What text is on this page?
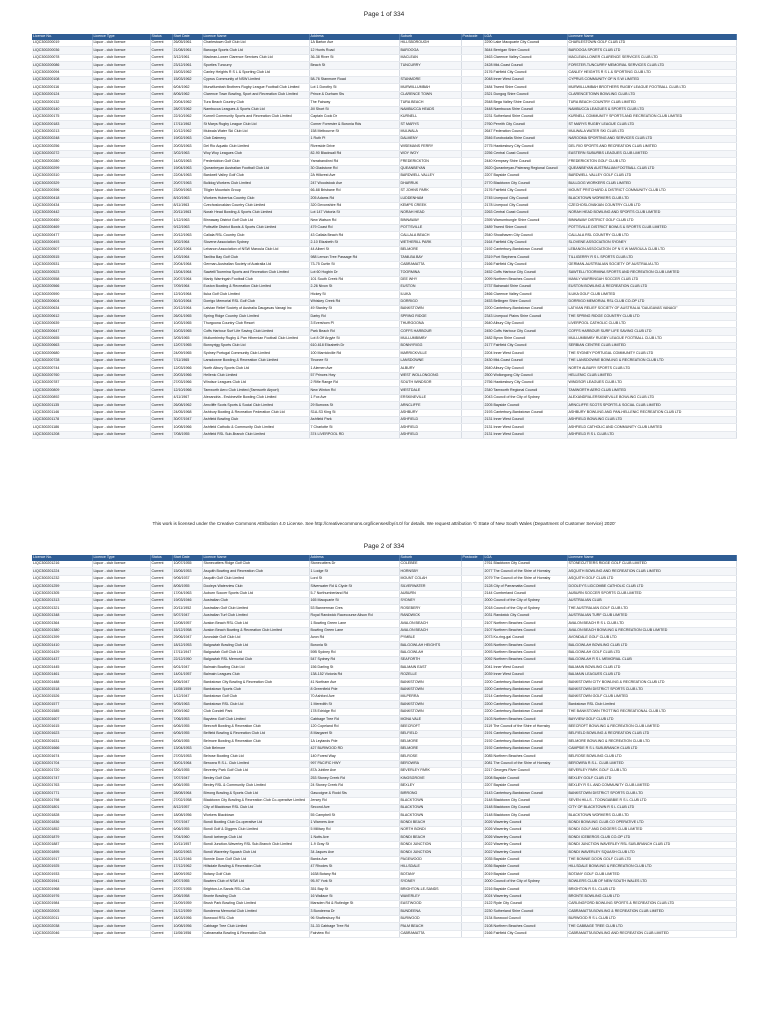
Page 1 of 334
Licence No.	Licence Type	Status	Start Date	Licence Name	Address	Suburb	Postcode	LGA	Licensee Name
LIQC300200019	Liquor - club licence	Current	26/05/1961	Charlestown Golf Club Ltd	1A Barton Ave	HILLSBOROUGH		2290 Lake Macquarie City Council	CHARLESTOWN GOLF CLUB LTD
LIQC300200036	Liquor - club licence	Current	21/08/1961	Barooga Sports Club Ltd	12 Hunts Road	BAROOGA		3644 Berrigan Shire Council	BAROOGA SPORTS CLUB LTD
LIQC300200078	Liquor - club licence	Current	3/12/1961	Maclean-Lower Clarence Services Club Ltd	36-38 River St	MACLEAN		2463 Clarence Valley Council	MACLEAN-LOWER CLARENCE SERVICES CLUB LTD
LIQC300200086	Liquor - club licence	Current	23/12/1961	Sporties Tuncurry	Beach St	TUNCURRY		2428 Mid-Coast Council	FORSTER-TUNCURRY MEMORIAL SERVICES CLUB LTD
LIQC300200094	Liquor - club licence	Current	15/03/1962	Canley Heights R S L & Sporting Club Ltd				2176 Fairfield City Council	CANLEY HEIGHTS R S L & SPORTING CLUB LTD
LIQC300200108	Liquor - club licence	Current	15/03/1962	Cyprus Community of NSW Limited	58-76 Stanmore Road	STANMORE		2048 Inner West Council	CYPRUS COMMUNITY OF N S W LIMITED
LIQC300200116	Liquor - club licence	Current	6/04/1962	Murwillumbah Brothers Rugby League Football Club Limited	Lot 1 Dorothy St	MURWILLUMBAH		2484 Tweed Shire Council	MURWILLUMBAH BROTHERS RUGBY LEAGUE FOOTBALL CLUB LTD
LIQC300200124	Liquor - club licence	Current	8/06/1962	Clarence Town Bowling, Sport and Recreation Club Limited	Prince & Durham Sts	CLARENCE TOWN		2321 Dungog Shire Council	CLARENCETOWN BOWLING CLUB LTD
LIQC300200132	Liquor - club licence	Current	20/04/1962	Tura Beach Country Club	The Fairway	TURA BEACH		2548 Bega Valley Shire Council	TURA BEACH COUNTRY CLUB LIMITED
LIQC300200140	Liquor - club licence	Current	28/07/1962	Nambucca Leagues & Sports Club Ltd	Jill Short St	NAMBUCCA HEADS		2448 Nambucca Shire Council	NAMBUCCA LEAGUES & SPORTS CLUB LTD
LIQC300200175	Liquor - club licence	Current	22/10/1962	Kurnell Community Sports and Recreation Club Limited	Captain Cook Dr	KURNELL		2231 Sutherland Shire Council	KURNELL COMMUNITY SPORTS AND RECREATION CLUB LIMITED
LIQC300200183	Liquor - club licence	Current	17/11/1962	St Marys Rugby League Club Ltd	Corner Forrester & Boronia Rds	ST MARYS		2760 Penrith City Council	ST MARYS RUGBY LEAGUE CLUB LTD
LIQC300200213	Liquor - club licence	Current	10/12/1962	Mulwala Water Ski Club Ltd	158 Melbourne St	MULWALA		2647 Federation Council	MULWALA WATER SKI CLUB LTD
LIQC300200248	Liquor - club licence	Current	19/02/1963	Club Dalmeny	1 Ruth Pl	DALMENY		2546 Eurobodalla Shire Council	NAROOMA SPORTING AND SERVICES CLUB LTD
LIQC300200256	Liquor - club licence	Current	20/03/1963	Del Rio Aquatic Club Limited	Riverside Drive	WISEMANS FERRY		2775 Hawkesbury City Council	DEL RIO SPORTS AND RECREATION CLUB LIMITED
LIQC300200272	Liquor - club licence	Current	3/02/1963	Woy Woy Leagues Club	82-90 Blackwall Rd	WOY WOY		2256 Central Coast Council	EASTERN SUBURBS LEAGUES CLUB LIMITED
LIQC300200280	Liquor - club licence	Current	14/03/1963	Frederickton Golf Club	Yarrabandinni Rd	FREDERICKTON		2440 Kempsey Shire Council	FREDERICKTON GOLF CLUB LTD
LIQC300200299	Liquor - club licence	Current	19/04/1963	Queanbeyan Australian Football Club Ltd	30 Gladstone Rd	QUEANBEYAN		2620 Queanbeyan-Palerang Regional Council	QUEANBEYAN AUSTRALIAN FOOTBALL CLUB LTD
LIQC300200310	Liquor - club licence	Current	22/04/1963	Bardwell Valley Golf Club	2A Hillcrest Ave	BARDWELL VALLEY		2207 Bayside Council	BARDWELL VALLEY GOLF CLUB LTD
LIQC300200329	Liquor - club licence	Current	20/07/1963	Bulldog Workers Club Limited	247 Woodstock Ave	DHARRUK		2770 Blacktown City Council	BULLDOG WORKERS CLUB LIMITED
LIQC300200396	Liquor - club licence	Current	23/09/1963	Tiligler Mountain Group	66-68 Brisbane Rd	ST JOHNS PARK		2176 Fairfield City Council	MOUNT PRITCHARD & DISTRICT COMMUNITY CLUB LTD
LIQC300200418	Liquor - club licence	Current	8/10/1963	Workers Hubertus Country Club	205 Adams Rd	LUDDENHAM		2745 Liverpool City Council	BLACKTOWN WORKERS CLUB LTD
LIQC300200434	Liquor - club licence	Current	8/11/1963	Czechoslovakian Country Club Limited	320 Devonshire Rd	KEMPS CREEK		2178 Liverpool City Council	CZECHOSLOVAKIAN COUNTRY CLUB LTD
LIQC300200442	Liquor - club licence	Current	20/11/1963	Norah Head Bowling & Sports Club Limited	Lot 147 Victoria St	NORAH HEAD		2263 Central Coast Council	NORAH HEAD BOWLING AND SPORTS CLUB LIMITED
LIQC300200450	Liquor - club licence	Current	1/12/1963	Binnaway District Golf Club Ltd	New Watson Rd	BINNAWAY		2395 Warrumbungle Shire Council	BINNAWAY DISTRICT GOLF CLUB LTD
LIQC300200469	Liquor - club licence	Current	9/12/1963	Pottsville District Bowls & Sports Club Limited	479 Coast Rd	POTTSVILLE		2489 Tweed Shire Council	POTTSVILLE DISTRICT BOWLS & SPORTS CLUB LIMITED
LIQC300200477	Liquor - club licence	Current	20/12/1963	Callala RSL Country Club	43 Callala Beach Rd	CALLALA BEACH		2540 Shoalhaven City Council	CALLALA RSL COUNTRY CLUB LTD
LIQC300200493	Liquor - club licence	Current	3/02/1964	Slovene Association Sydney	2-10 Elizabeth St	WETHERILL PARK		2164 Fairfield City Council	SLOVENE ASSOCIATION SYDNEY
LIQC300200507	Liquor - club licence	Current	10/02/1964	Lebanon Association of NSW Maroula Club Ltd	44 Albert St	BELMORE		2192 Canterbury-Bankstown Council	LEBANON ASSOCIATION OF N S W MAROULA CLUB LTD
LIQC300200515	Liquor - club licence	Current	1/03/1964	Tanilba Bay Golf Club	988 Lemon Tree Passage Rd	TANILBA BAY		2319 Port Stephens Council	TILLIGERRY R S L SPORTS CLUB LTD
LIQC300200531	Liquor - club licence	Current	20/04/1964	German-Australian Society of Australia Ltd	73-75 Curtin St	CABRAMATTA		2166 Fairfield City Council	GERMAN-AUSTRALIAN SOCIETY OF AUSTRALIA LTD
LIQC300200523	Liquor - club licence	Current	13/04/1964	Sawtell/Toormina Sports and Recreation Club Limited	Lot 60 Hogbin Dr	TOORMINA		2452 Coffs Harbour City Council	SAWTELL/TOORMINA SPORTS AND RECREATION CLUB LIMITED
LIQC300200558	Liquor - club licence	Current	20/07/1964	Manly Warringah Football Club	101 South Creek Rd	DEE WHY		2099 Northern Beaches Council	MANLY WARRINGAH SOCCER CLUB LTD
LIQC300200566	Liquor - club licence	Current	7/09/1964	Euston Bowling & Recreation Club Limited	2-26 Nixon St	EUSTON		2737 Balranald Shire Council	EUSTON BOWLING & RECREATION CLUB LTD
LIQC300200590	Liquor - club licence	Current	12/10/1964	Iluka Golf Club Limited	Hickey St	ILUKA		2466 Clarence Valley Council	ILUKA GOLF CLUB LIMITED
LIQC300200604	Liquor - club licence	Current	30/10/1964	Dorrigo Memorial RSL Golf Club	Whiskey Creek Rd	DORRIGO		2453 Bellingen Shire Council	DORRIGO MEMORIAL RSL CLUB CO-OP LTD
LIQC300200634	Liquor - club licence	Current	20/12/1964	Latvian Relief Society of Australia Daugavas Vanagi Inc	49 Stanley St	BANKSTOWN		2200 Canterbury-Bankstown Council	LATVIAN RELIEF SOCIETY OF AUSTRALIA "DAUGAVAS VANAGI"
LIQC300200612	Liquor - club licence	Current	26/01/1965	Spring Ridge Country Club Limited	Darby Rd	SPRING RIDGE		2343 Liverpool Plains Shire Council	THE SPRING RIDGE COUNTRY CLUB LTD
LIQC300200639	Liquor - club licence	Current	10/03/1965	Thurgoona Country Club Resort	3 Evershom Pl	THURGOONA		2640 Albury City Council	LIVERPOOL CATHOLIC CLUB LTD
LIQC300200647	Liquor - club licence	Current	10/03/1965	Coffs Harbour Surf Life Saving Club Limited	Park Beach Rd	COFFS HARBOUR		2450 Coffs Harbour City Council	COFFS HARBOUR SURF LIFE SAVING CLUB LTD
LIQC300200655	Liquor - club licence	Current	3/05/1965	Mullumbimby Rugby & Pan Hibernian Football Club Limited	Lot 8 Off Argyle St	MULLUMBIMBY		2482 Byron Shire Council	MULLUMBIMBY RUGBY LEAGUE FOOTBALL CLUB LTD
LIQC300200663	Liquor - club licence	Current	12/07/1965	Bonnyrigg Sports Club Ltd	610-618 Elizabeth Dr	BONNYRIGG		2177 Fairfield City Council	SERBIAN CENTRE CLUB LIMITED
LIQC300200680	Liquor - club licence	Current	24/09/1965	Sydney Portugal Community Club Limited	100 Marrickville Rd	MARRICKVILLE		2204 Inner West Council	THE SYDNEY PORTUGAL COMMUNITY CLUB LTD
LIQC300200728	Liquor - club licence	Current	7/11/1965	Lansdowne Bowling & Recreation Club Limited	Tinonee St	LANSDOWNE		2430 Mid-Coast Council	THE LANSDOWNE BOWLING & RECREATION CLUB LTD
LIQC300200744	Liquor - club licence	Current	12/03/1966	North Albury Sports Club Ltd	1 Alemen Ave	ALBURY		2640 Albury City Council	NORTH ALBURY SPORTS CLUB LTD
LIQC300200760	Liquor - club licence	Current	20/03/1966	Hellenic Club Limited	57 Princes Hwy	WEST WOLLONGONG		2500 Wollongong City Council	HELLENIC CLUB LIMITED
LIQC300200787	Liquor - club licence	Current	27/03/1966	Windsor Leagues Club Ltd	2 Rifle Range Rd	SOUTH WINDSOR		2756 Hawkesbury City Council	WINDSOR LEAGUES CLUB LTD
LIQC300200809	Liquor - club licence	Current	12/10/1966	Tamworth Aero Club Limited (Tamworth Airport)	New Winton Rd	WESTDALE		2340 Tamworth Regional Council	TAMWORTH AERO CLUB LIMITED
LIQC300200892	Liquor - club licence	Current	4/11/1967	Alexandria - Erskineville Bowling Club Limited	1 Fox Ave	ERSKINEVILLE		2043 Council of the City of Sydney	ALEXANDRIA-ERSKINEVILLE BOWLING CLUB LTD
LIQC300201135	Liquor - club licence	Current	26/08/1962	Arncliffe Scots Sports & Social Club Limited	29 Burrows St	ARNCLIFFE		2205 Bayside Council	ARNCLIFFE SCOTS SPORTS & SOCIAL CLUB LIMITED
LIQC300201146	Liquor - club licence	Current	24/05/1968	Ashbury Bowling & Recreation Federation Club Ltd	S1A-S3 King St	ASHBURY		2193 Canterbury-Bankstown Council	ASHBURY BOWLING AND PAN-HELLENIC RECREATION CLUB LTD
LIQC300201178	Liquor - club licence	Current	30/07/1947	Ashfield Bowling Club	Ashfield Park	ASHFIELD		2131 Inner West Council	ASHFIELD BOWLING CLUB LTD
LIQC300201186	Liquor - club licence	Current	10/08/1966	Ashfield Catholic & Community Club Limited	7 Charlotte St	ASHFIELD		2131 Inner West Council	ASHFIELD CATHOLIC AND COMMUNITY CLUB LIMITED
LIQC300201208	Liquor - club licence	Current	7/08/1955	Ashfield RSL Sub-Branch Club Limited	374 LIVERPOOL RD	ASHFIELD		2131 Inner West Council	ASHFIELD R S L CLUB LTD
This work is licensed under the Creative Commons Attribution 4.0 License. See http://creativecommons.org/licenses/by/4.0/ for details. We request attribution '© State of New South Wales (Department of Customer Service) 2020'
Page 2 of 334
Licence No.	Licence Type	Status	Start Date	Licence Name	Address	Suburb	Postcode	LGA	Licensee Name
LIQC300201216	Liquor - club licence	Current	10/07/1955	Stonecutters Ridge Golf Club	Stonecutters Dr	COLEBEE		2761 Blacktown City Council	STONECUTTERS RIDGE GOLF CLUB LIMITED
LIQC300201224	Liquor - club licence	Current	15/06/1953	Asquith Bowling and Recreation Club	1 Lodge St	HORNSBY		2077 The Council of the Shire of Hornsby	ASQUITH BOWLING AND RECREATION CLUB LIMITED
LIQC300201232	Liquor - club licence	Current	9/06/1937	Asquith Golf Club Limited	Lord St	MOUNT COLAH		2079 The Council of the Shire of Hornsby	ASQUITH GOLF CLUB LTD
LIQC300201259	Liquor - club licence	Current	8/06/1955	Dooleys Waterview Club	Silverwater Rd & Clyde St	SILVERWATER		2128 City of Parramatta Council	DOOLEY'S LIDCOMBE CATHOLIC CLUB LTD
LIQC300201305	Liquor - club licence	Current	17/04/1963	Auburn Soccer Sports Club Ltd	5-7 Northumberland Rd	AUBURN		2144 Cumberland Council	AUBURN SOCCER SPORTS CLUB LIMITED
LIQC300201313	Liquor - club licence	Current	19/03/1946	Australian Club	165 Macquarie St	SYDNEY		2000 Council of the City of Sydney	AUSTRALIAN CLUB
LIQC300201321	Liquor - club licence	Current	20/11/1952	Australian Golf Club Limited	53 Bannerman Cres	ROSEBERY		2018 Council of the City of Sydney	THE AUSTRALIAN GOLF CLUB LTD
LIQC300201348	Liquor - club licence	Current	5/07/1947	Australian Turf Club Limited	Royal Randwick Racecourse Alison Rd	RANDWICK		2031 Randwick City Council	AUSTRALIAN TURF CLUB LIMITED
LIQC300201364	Liquor - club licence	Current	12/08/1957	Avalon Beach RSL Club Ltd	1 Bowling Green Lane	AVALON BEACH		2107 Northern Beaches Council	AVALON BEACH R S L CLUB LTD
LIQC300201380	Liquor - club licence	Current	15/12/1958	Avalon Beach Bowling & Recreation Club Limited	Bowling Green Lane	AVALON BEACH		2107 Northern Beaches Council	AVALON BEACH BOWLING & RECREATION CLUB LIMITED
LIQC300201399	Liquor - club licence	Current	29/06/1947	Avondale Golf Club Ltd	Avon Rd	PYMBLE		2073 Ku-ring-gai Council	AVONDALE GOLF CLUB LTD
LIQC300201410	Liquor - club licence	Current	18/12/1953	Balgowlah Bowling Club Ltd	Boronia St	BALGOWLAH HEIGHTS		2093 Northern Beaches Council	BALGOWLAH BOWLING CLUB LTD
LIQC300201429	Liquor - club licence	Current	17/11/1947	Balgowlah Golf Club Ltd	59B Sydney Rd	BALGOWLAH		2093 Northern Beaches Council	BALGOWLAH GOLF CLUB LTD
LIQC300201437	Liquor - club licence	Current	22/12/1950	Balgowlah RSL Memorial Club	547 Sydney Rd	SEAFORTH		2092 Northern Beaches Council	BALGOWLAH R S L MEMORIAL CLUB
LIQC300201445	Liquor - club licence	Current	6/01/1947	Balmain Bowling Club Ltd	156 Darling St	BALMAIN EAST		2041 Inner West Council	BALMAIN BOWLING CLUB LTD
LIQC300201461	Liquor - club licence	Current	14/01/1957	Balmain Leagues Club	138-152 Victoria Rd	ROZELLE		2039 Inner West Council	BALMAIN LEAGUES CLUB LTD
LIQC300201488	Liquor - club licence	Current	6/06/1947	Bankstown City Bowling & Recreation Club	41 Northam Ave	BANKSTOWN		2200 Canterbury-Bankstown Council	BANKSTOWN CITY BOWLING & RECREATION CLUB LTD
LIQC300201518	Liquor - club licence	Current	11/08/1959	Bankstown Sports Club	8 Greenfield Pde	BANKSTOWN		2200 Canterbury-Bankstown Council	BANKSTOWN DISTRICT SPORTS CLUB LTD
LIQC300201526	Liquor - club licence	Current	1/12/1947	Bankstown Golf Club	70 Ashford Ave	MILPERRA		2214 Canterbury-Bankstown Council	BANKSTOWN GOLF CLUB LIMITED
LIQC300201577	Liquor - club licence	Current	9/05/1963	Bankstown RSL Club Ltd	1 Meredith St	BANKSTOWN		2200 Canterbury-Bankstown Council	Bankstown RSL Club Limited
LIQC300201585	Liquor - club licence	Current	3/09/1962	Club Condell Park	178 Edridge Rd	BANKSTOWN		2200 Canterbury-Bankstown Council	THE BANKSTOWN TROTTING RECREATIONAL CLUB LTD
LIQC300201607	Liquor - club licence	Current	7/06/1953	Bayview Golf Club Limited	Cabbage Tree Rd	MONA VALE		2103 Northern Beaches Council	BAYVIEW GOLF CLUB LTD
LIQC300201615	Liquor - club licence	Current	6/06/1955	Beecroft Bowling & Recreation Club	120 Copeland Rd	BEECROFT		2119 The Council of the Shire of Hornsby	BEECROFT BOWLING & RECREATION CLUB LIMITED
LIQC300201623	Liquor - club licence	Current	6/06/1955	Belfield Bowling & Recreation Club Ltd	8 Margaret St	BELFIELD		2191 Canterbury-Bankstown Council	BELFIELD BOWLING & RECREATION CLUB LTD
LIQC300201631	Liquor - club licence	Current	6/06/1955	Belmore Bowling & Recreation Club	1A Leylands Pde	BELMORE		2192 Canterbury-Bankstown Council	BELMORE BOWLING & RECREATION CLUB LTD
LIQC300201666	Liquor - club licence	Current	13/04/1953	Club Belmore	427 BURWOOD RD	BELMORE		2192 Canterbury-Bankstown Council	CAMPSIE R S L SUB-BRANCH CLUB LTD
LIQC300201674	Liquor - club licence	Current	27/03/1953	Belrose Bowling Club Ltd	140 Forest Way	BELROSE		2085 Northern Beaches Council	BELROSE BOWLING CLUB LTD
LIQC300201704	Liquor - club licence	Current	30/01/1964	Berowra R.S.L. Club Limited	997 PACIFIC HWY	BEROWRA		2081 The Council of the Shire of Hornsby	BEROWRA R.S.L. CLUB LIMITED
LIQC300201720	Liquor - club licence	Current	6/06/1955	Beverley Park Golf Club Ltd	87A Jubilee Ave	BEVERLEY PARK		2217 Georges River Council	BEVERLEY PARK GOLF CLUB LTD
LIQC300201747	Liquor - club licence	Current	7/07/1947	Bexley Golf Club	253 Stoney Creek Rd	KINGSGROVE		2208 Bayside Council	BEXLEY GOLF CLUB LTD
LIQC300201763	Liquor - club licence	Current	6/06/1955	Bexley RSL & Community Club Limited	24 Stoney Creek Rd	BEXLEY		2207 Bayside Council	BEXLEY R S L AND COMMUNITY CLUB LIMITED
LIQC300201771	Liquor - club licence	Current	28/08/1964	Birrong Bowling & Sports Club Ltd	Gascoigne & Rodd Sts	BIRRONG		2143 Canterbury-Bankstown Council	BANKSTOWN DISTRICT SPORTS CLUB LTD
LIQC300201798	Liquor - club licence	Current	27/02/1958	Blacktown City Bowling & Recreation Club Co-operative Limited	Jersey Rd	BLACKTOWN		2148 Blacktown City Council	SEVEN HILLS - TOONGABBIE R S L CLUB LTD
LIQC300201801	Liquor - club licence	Current	8/12/1957	City of Blacktown RSL Club Ltd	Second Ave	BLACKTOWN		2148 Blacktown City Council	CITY OF BLACKTOWN R S L CLUB LTD
LIQC300201828	Liquor - club licence	Current	18/08/1956	Workers Blacktown	55 Campbell St	BLACKTOWN		2148 Blacktown City Council	BLACKTOWN WORKERS CLUB LTD
LIQC300201836	Liquor - club licence	Current	7/07/1947	Bondi Bowling Club Co-operative Ltd	1 Warners Ave	BONDI BEACH		2026 Waverley Council	BONDI BOWLING CLUB CO OPERATIVE LTD
LIQC300201852	Liquor - club licence	Current	6/06/1955	Bondi Golf & Diggers Club Limited	5 Military Rd	NORTH BONDI		2026 Waverley Council	BONDI GOLF AND DIGGERS CLUB LIMITED
LIQC300201879	Liquor - club licence	Current	7/04/1960	Bondi Icebergs Club Ltd	1 Notts Ave	BONDI BEACH		2026 Waverley Council	BONDI ICEBERGS CLUB CO-OP LTD
LIQC300201887	Liquor - club licence	Current	10/11/1957	Bondi Junction-Waverley RSL Sub-Branch Club Limited	1-9 Gray St	BONDI JUNCTION		2022 Waverley Council	BONDI JUNCTION WAVERLEY RSL SUB-BRANCH CLUB LTD
LIQC300201895	Liquor - club licence	Current	16/02/1963	Bondi Waverley Squash Club Ltd	34 Jaques Ave	BONDI JUNCTION		2022 Waverley Council	BONDI WAVERLEY SQUASH CLUB LTD
LIQC300201917	Liquor - club licence	Current	21/12/1946	Bonnie Doon Golf Club Ltd	Banks Ave	PAGEWOOD		2035 Bayside Council	THE BONNIE DOON GOLF CLUB LTD
LIQC300201925	Liquor - club licence	Current	17/12/1962	Hillsdale Bowling & Recreation Club	47 Rhodes St	HILLSDALE		2036 Bayside Council	HILLSDALE BOWLING & RECREATION CLUB LTD
LIQC300201933	Liquor - club licence	Current	18/09/1952	Botany Golf Club	1638 Botany Rd	BOTANY		2019 Bayside Council	BOTANY GOLF CLUB LIMITED
LIQC300201941	Liquor - club licence	Current	6/07/1955	Bowlers Club of NSW Ltd	95-97 York St	SYDNEY		2000 Council of the City of Sydney	BOWLERS CLUB OF NEW SOUTH WALES LTD
LIQC300201968	Liquor - club licence	Current	27/07/1955	Brighton-Le-Sands RSL Club	351 Bay St	BRIGHTON-LE-SANDS		2216 Bayside Council	BRIGHTON R S L CLUB LTD
LIQC300201976	Liquor - club licence	Current	2/06/1958	Bronte Bowling Club	16 Wallace St	WAVERLEY		2024 Waverley Council	BRONTE BOWLING CLUB LTD
LIQC300201984	Liquor - club licence	Current	21/09/1959	Brush Park Bowling Club Limited	Marsden Rd & Rutledge St	EASTWOOD		2122 Ryde City Council	CARLINGFORD BOWLING SPORTS & RECREATION CLUB LTD
LIQC300202003	Liquor - club licence	Current	21/12/1959	Bundeena Memorial Club Limited	3 Bundeena Dr	BUNDEENA		2230 Sutherland Shire Council	CABRAMATTA BOWLING & RECREATION CLUB LIMITED
LIQC300202011	Liquor - club licence	Current	18/03/1956	Burwood RSL Club	96 Shaftesbury Rd	BURWOOD		2134 Burwood Council	BURWOOD R S L CLUB LTD
LIQC300202038	Liquor - club licence	Current	10/08/1956	Cabbage Tree Club Limited	31-33 Cabbage Tree Rd	PALM BEACH		2108 Northern Beaches Council	THE CABBAGE TREE CLUB LTD
LIQC300202046	Liquor - club licence	Current	11/06/1956	Cabramatta Bowling & Recreation Club	Fairview Rd	CABRAMATTA		2166 Fairfield City Council	CABRAMATTA BOWLING AND RECREATION CLUB LIMITED
